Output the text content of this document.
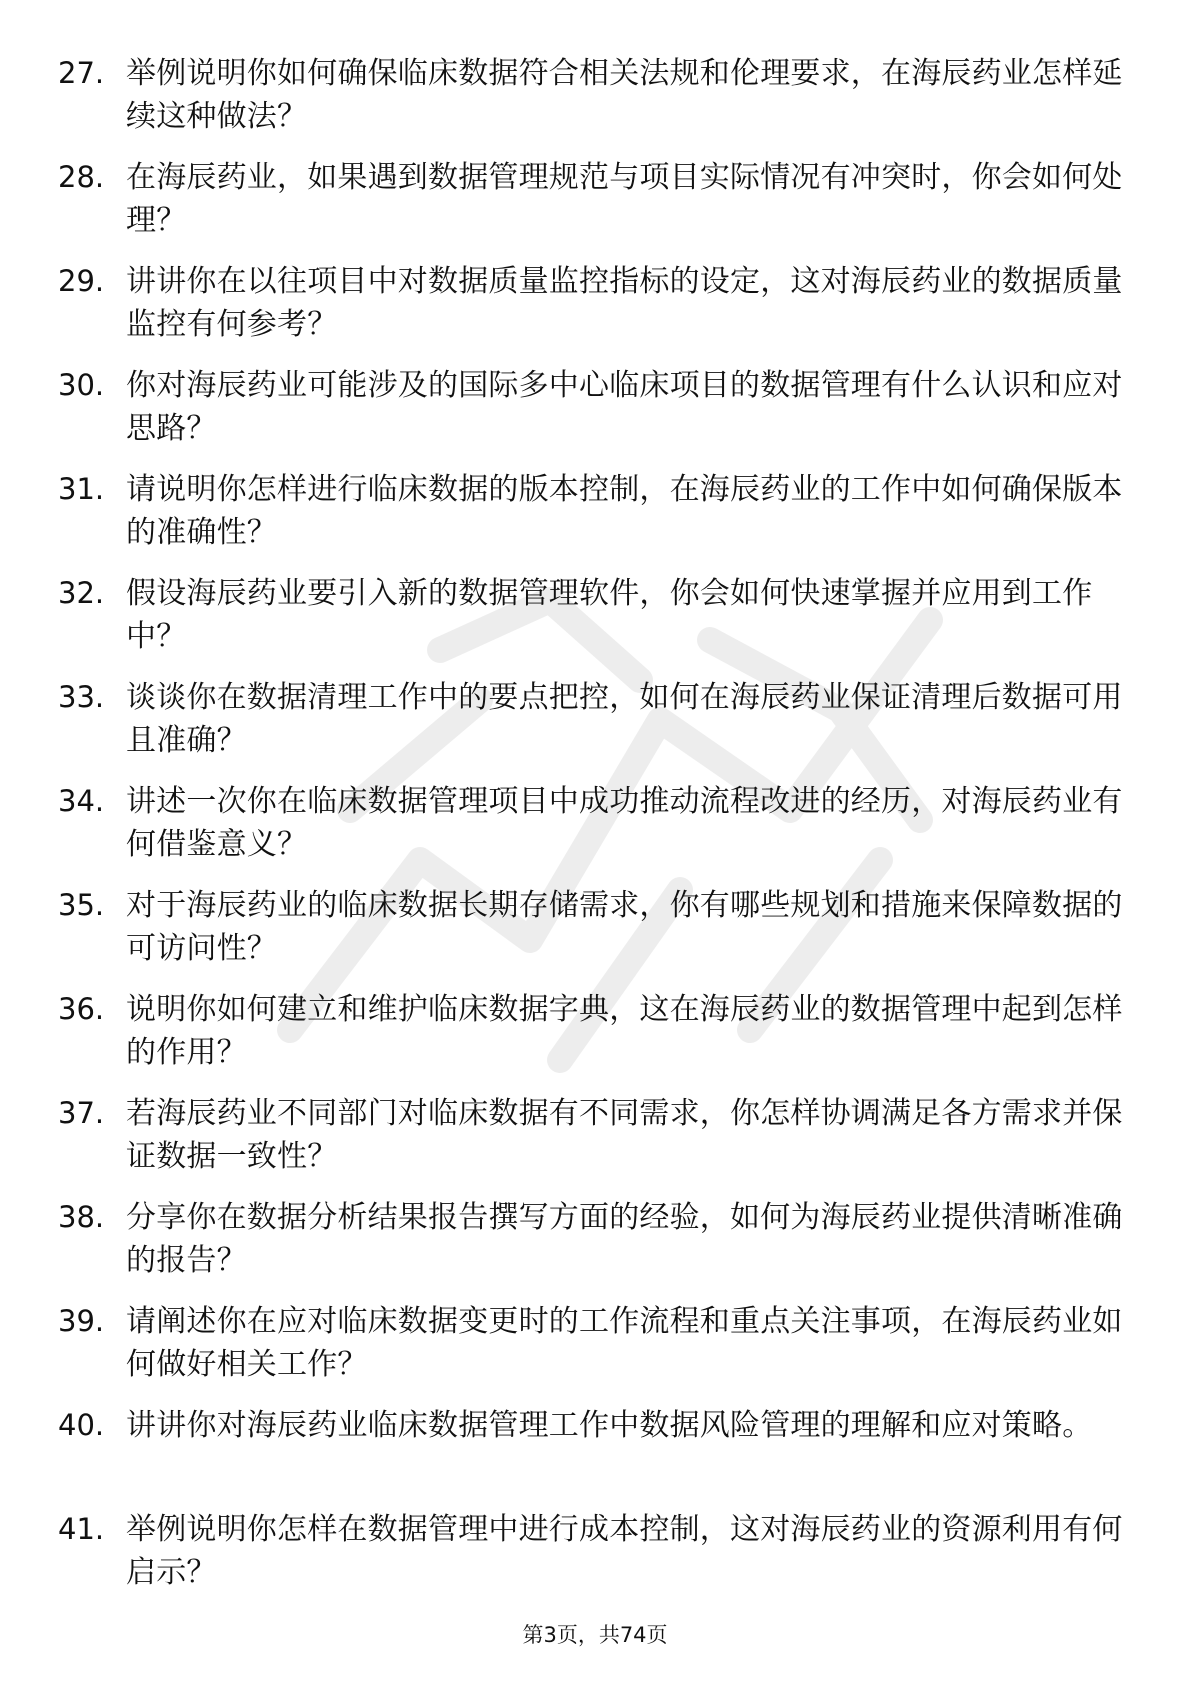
27. 举例说明你如何确保临床数据符合相关法规和伦理要求，在海辰药业怎样延续这种做法？
28. 在海辰药业，如果遇到数据管理规范与项目实际情况有冲突时，你会如何处理？
29. 讲讲你在以往项目中对数据质量监控指标的设定，这对海辰药业的数据质量监控有何参考？
30. 你对海辰药业可能涉及的国际多中心临床项目的数据管理有什么认识和应对思路？
31. 请说明你怎样进行临床数据的版本控制，在海辰药业的工作中如何确保版本的准确性？
32. 假设海辰药业要引入新的数据管理软件，你会如何快速掌握并应用到工作中？
33. 谈谈你在数据清理工作中的要点把控，如何在海辰药业保证清理后数据可用且准确？
34. 讲述一次你在临床数据管理项目中成功推动流程改进的经历，对海辰药业有何借鉴意义？
35. 对于海辰药业的临床数据长期存储需求，你有哪些规划和措施来保障数据的可访问性？
36. 说明你如何建立和维护临床数据字典，这在海辰药业的数据管理中起到怎样的作用？
37. 若海辰药业不同部门对临床数据有不同需求，你怎样协调满足各方需求并保证数据一致性？
38. 分享你在数据分析结果报告撰写方面的经验，如何为海辰药业提供清晰准确的报告？
39. 请阐述你在应对临床数据变更时的工作流程和重点关注事项，在海辰药业如何做好相关工作？
40. 讲讲你对海辰药业临床数据管理工作中数据风险管理的理解和应对策略。
41. 举例说明你怎样在数据管理中进行成本控制，这对海辰药业的资源利用有何启示？
第3页，共74页
